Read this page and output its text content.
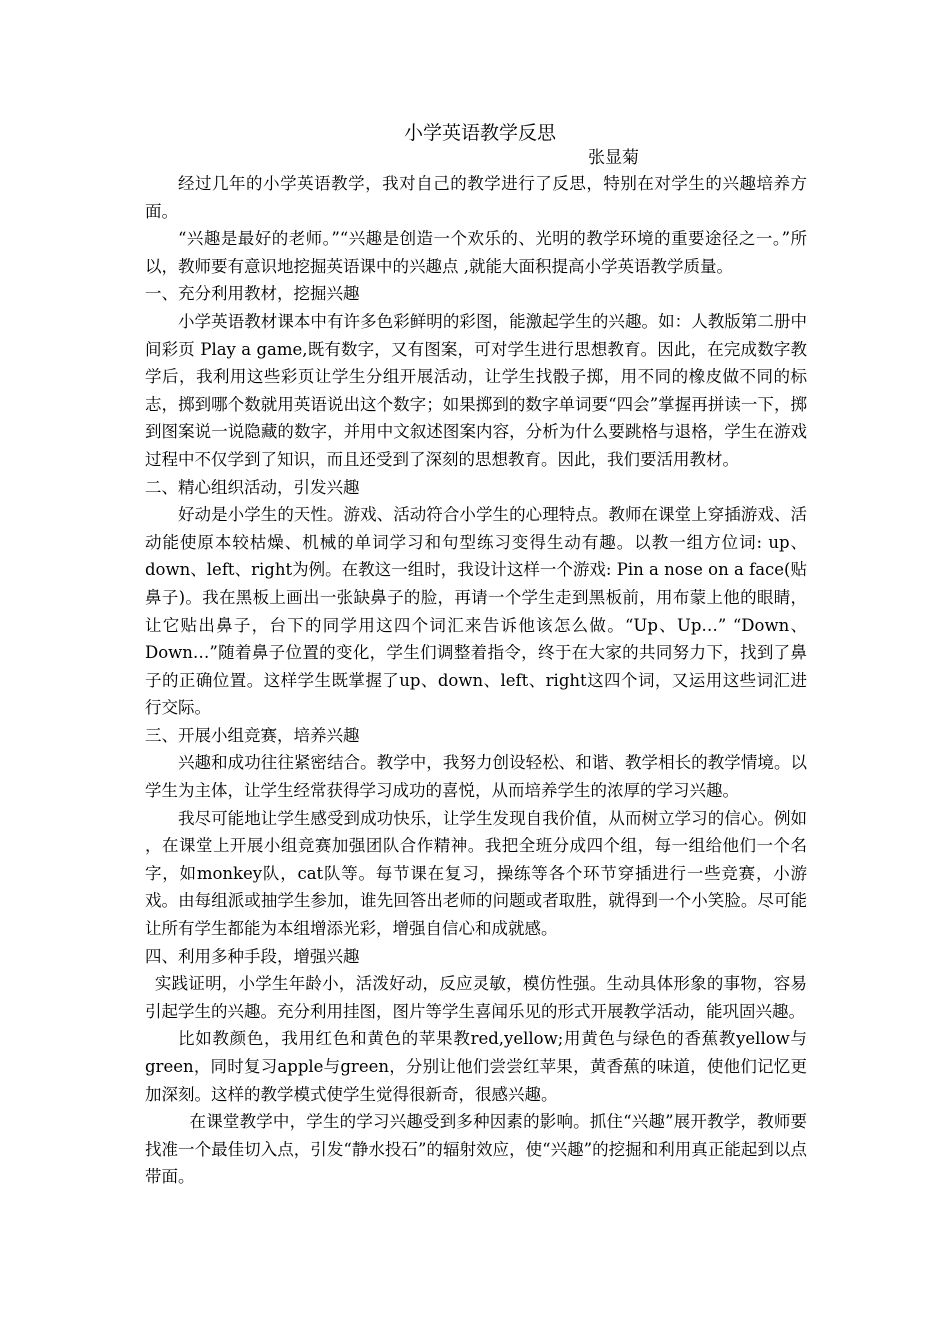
小学英语教学反思
张显菊

经过几年的小学英语教学，我对自己的教学进行了反思，特别在对学生的兴趣培养方面。

“兴趣是最好的老师。”“兴趣是创造一个欢乐的、光明的教学环境的重要途径之一。”所以，教师要有意识地挖掘英语课中的兴趣点 ,就能大面积提高小学英语教学质量。

一、充分利用教材，挖掘兴趣

小学英语教材课本中有许多色彩鲜明的彩图，能激起学生的兴趣。如：人教版第二册中间彩页 Play a game,既有数字，又有图案，可对学生进行思想教育。因此，在完成数字教学后，我利用这些彩页让学生分组开展活动，让学生找骰子掷，用不同的橡皮做不同的标志，掷到哪个数就用英语说出这个数字；如果掷到的数字单词要“四会”掌握再拼读一下，掷到图案说一说隐藏的数字，并用中文叙述图案内容，分析为什么要跳格与退格，学生在游戏过程中不仅学到了知识，而且还受到了深刻的思想教育。因此，我们要活用教材。

二、精心组织活动，引发兴趣

好动是小学生的天性。游戏、活动符合小学生的心理特点。教师在课堂上穿插游戏、活动能使原本较枯燥、机械的单词学习和句型练习变得生动有趣。以教一组方位词: up、down、left、right为例。在教这一组时，我设计这样一个游戏: Pin a nose on a face(贴鼻子)。我在黑板上画出一张缺鼻子的脸，再请一个学生走到黑板前，用布蒙上他的眼睛，让它贴出鼻子，台下的同学用这四个词汇来告诉他该怎么做。“Up、Up…” “Down、Down…”随着鼻子位置的变化，学生们调整着指令，终于在大家的共同努力下，找到了鼻子的正确位置。这样学生既掌握了up、down、left、right这四个词，又运用这些词汇进行交际。

三、开展小组竞赛，培养兴趣

兴趣和成功往往紧密结合。教学中，我努力创设轻松、和谐、教学相长的教学情境。以学生为主体，让学生经常获得学习成功的喜悦，从而培养学生的浓厚的学习兴趣。

我尽可能地让学生感受到成功快乐，让学生发现自我价值，从而树立学习的信心。例如 ，在课堂上开展小组竞赛加强团队合作精神。我把全班分成四个组，每一组给他们一个名字，如monkey队，cat队等。每节课在复习，操练等各个环节穿插进行一些竞赛，小游戏。由每组派或抽学生参加，谁先回答出老师的问题或者取胜，就得到一个小笑脸。尽可能让所有学生都能为本组增添光彩，增强自信心和成就感。

四、利用多种手段，增强兴趣

实践证明，小学生年龄小，活泼好动，反应灵敏，模仿性强。生动具体形象的事物，容易引起学生的兴趣。充分利用挂图，图片等学生喜闻乐见的形式开展教学活动，能巩固兴趣。

比如教颜色，我用红色和黄色的苹果教red,yellow;用黄色与绿色的香蕉教yellow与green，同时复习apple与green，分别让他们尝尝红苹果，黄香蕉的味道，使他们记忆更加深刻。这样的教学模式使学生觉得很新奇，很感兴趣。

在课堂教学中，学生的学习兴趣受到多种因素的影响。抓住“兴趣”展开教学，教师要找准一个最佳切入点，引发“静水投石”的辐射效应，使“兴趣”的挖掘和利用真正能起到以点带面。
